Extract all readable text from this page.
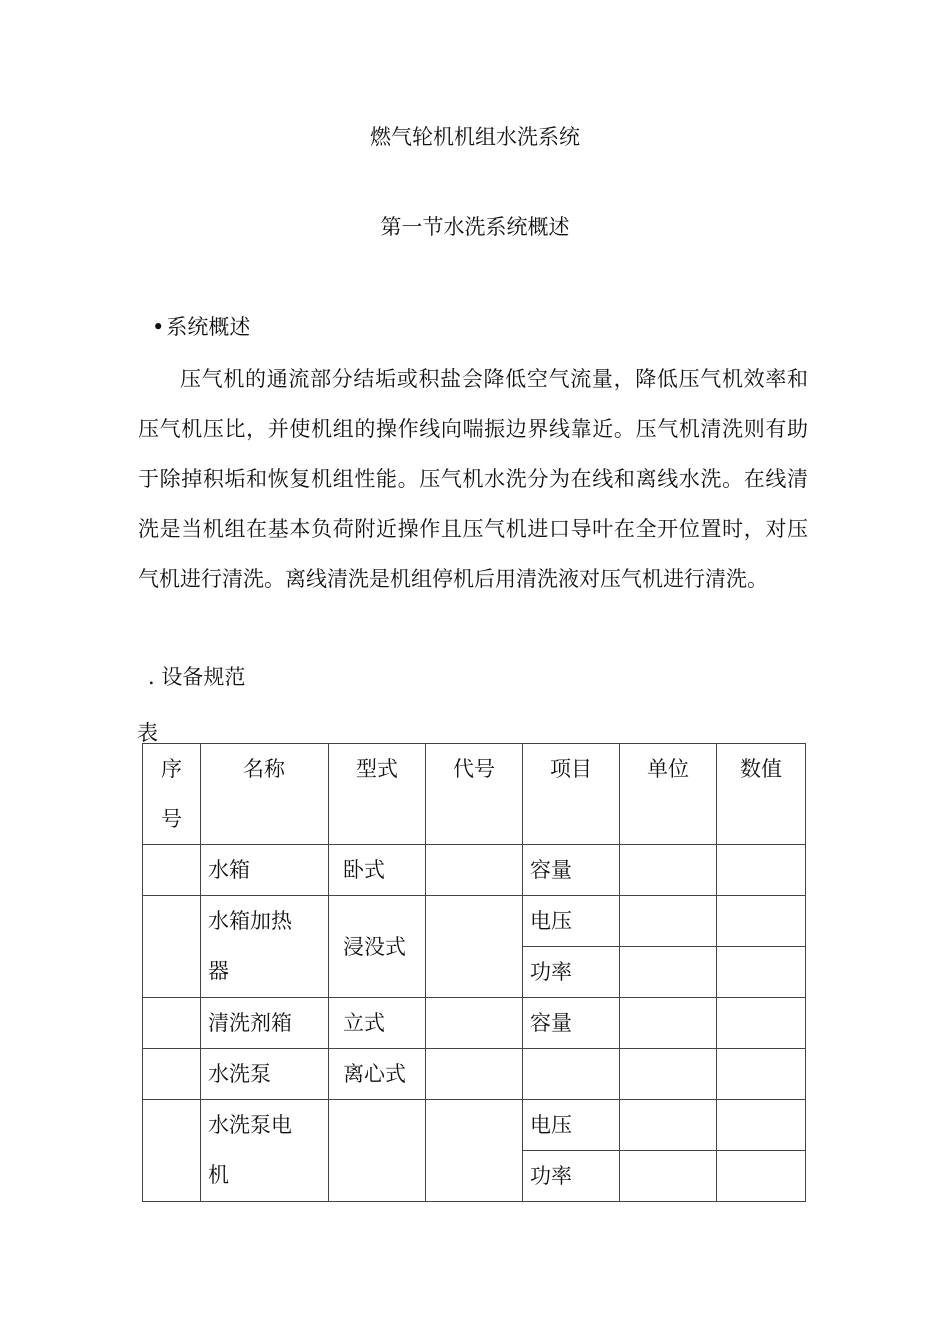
燃气轮机机组水洗系统
第一节水洗系统概述
•系统概述

压气机的通流部分结垢或积盐会降低空气流量，降低压气机效率和压气机压比，并使机组的操作线向喘振边界线靠近。压气机清洗则有助于除掉积垢和恢复机组性能。压气机水洗分为在线和离线水洗。在线清洗是当机组在基本负荷附近操作且压气机进口导叶在全开位置时，对压气机进行清洗。离线清洗是机组停机后用清洗液对压气机进行清洗。

. 设备规范
表
序号	名称	型式	代号	项目	单位	数值
	水箱	卧式		容量		

	水箱加热器	浸没式		电压		
				功率		
	清洗剂箱	立式		容量		
	水洗泵	离心式				

	水洗泵电机			电压		
				功率		
